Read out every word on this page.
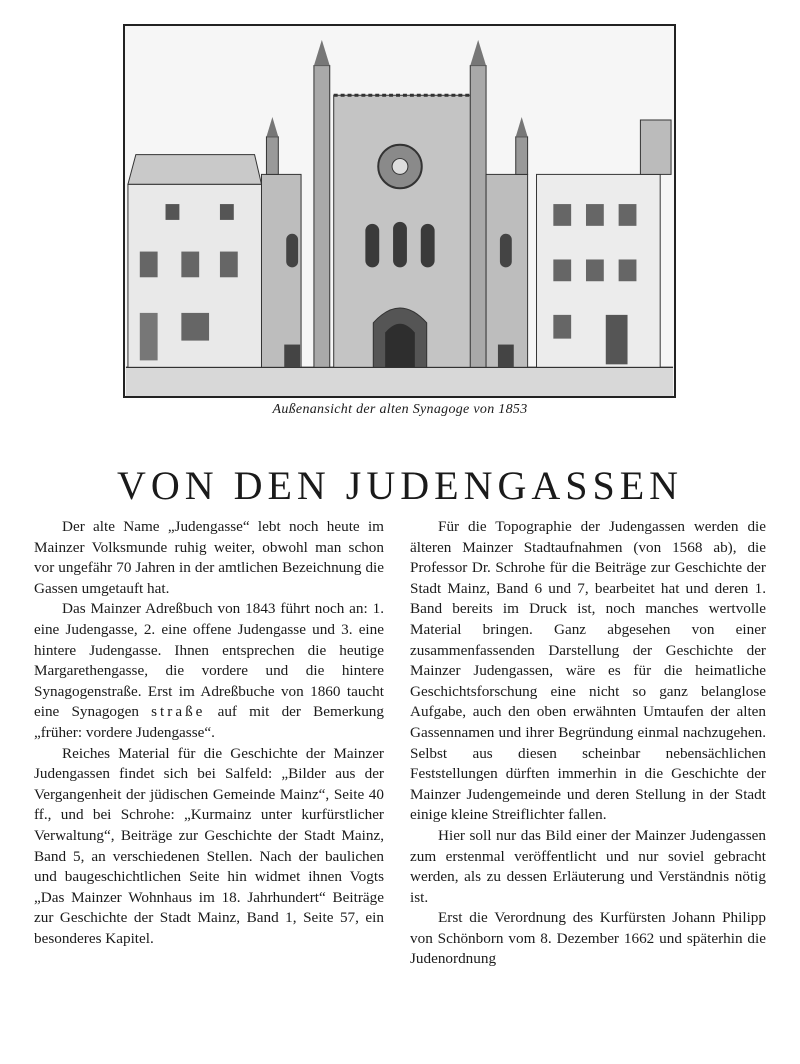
Außenansicht der alten Synagoge von 1853
VON DEN JUDENGASSEN

Der alte Name „Judengasse“ lebt noch heute im Mainzer Volksmunde ruhig weiter, obwohl man schon vor ungefähr 70 Jahren in der amtlichen Bezeichnung die Gassen umgetauft hat.

Das Mainzer Adreßbuch von 1843 führt noch an: 1. eine Judengasse, 2. eine offene Judengasse und 3. eine hintere Judengasse. Ihnen entsprechen die heutige Margarethengasse, die vordere und die hintere Synagogenstraße. Erst im Adreßbuche von 1860 taucht eine Synagogen straße auf mit der Bemerkung „früher: vordere Judengasse“.

Reiches Material für die Geschichte der Mainzer Judengassen findet sich bei Salfeld: „Bilder aus der Vergangenheit der jüdischen Gemeinde Mainz“, Seite 40 ff., und bei Schrohe: „Kurmainz unter kurfürstlicher Verwaltung“, Beiträge zur Geschichte der Stadt Mainz, Band 5, an verschiedenen Stellen. Nach der baulichen und baugeschichtlichen Seite hin widmet ihnen Vogts „Das Mainzer Wohnhaus im 18. Jahrhundert“ Beiträge zur Geschichte der Stadt Mainz, Band 1, Seite 57, ein besonderes Kapitel.

Für die Topographie der Judengassen werden die älteren Mainzer Stadtaufnahmen (von 1568 ab), die Professor Dr. Schrohe für die Beiträge zur Geschichte der Stadt Mainz, Band 6 und 7, bearbeitet hat und deren 1. Band bereits im Druck ist, noch manches wertvolle Material bringen. Ganz abgesehen von einer zusammenfassenden Darstellung der Geschichte der Mainzer Judengassen, wäre es für die heimatliche Geschichtsforschung eine nicht so ganz belanglose Aufgabe, auch den oben erwähnten Umtaufen der alten Gassennamen und ihrer Begründung einmal nachzugehen. Selbst aus diesen scheinbar nebensächlichen Feststellungen dürften immerhin in die Geschichte der Mainzer Judengemeinde und deren Stellung in der Stadt einige kleine Streiflichter fallen.

Hier soll nur das Bild einer der Mainzer Judengassen zum erstenmal veröffentlicht und nur soviel gebracht werden, als zu dessen Erläuterung und Verständnis nötig ist.

Erst die Verordnung des Kurfürsten Johann Philipp von Schönborn vom 8. Dezember 1662 und späterhin die Judenordnung
